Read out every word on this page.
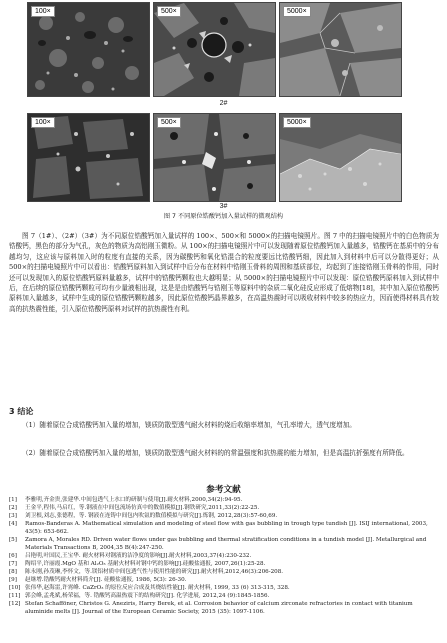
100×	500×	5000×
2#
100×	500×	5000×
3#
图 7 不同原位锆酸钙加入量试样的微观结构

图 7（1#）、（2#）（3#）为不同原位锆酸钙加入量试样的 100×、500×和 5000×的扫描电镜照片。图 7 中的扫描电镜照片中的白色物质为锆酸钙，黑色的部分为气孔，灰色的物质为高铝刚玉微粉。从 100×的扫描电镜照片中可以发现随着原位锆酸钙加入量越多，锆酸钙在基质中的分布越均匀，这应该与原料加入时的粒度有直接的关系，因为碳酸钙和氧化锆混合的粒度要远比锆酸钙细，因此加入到材料中后可以分散得更好；从 500×的扫描电镜照片中可以看出：锆酸钙原料加入到试样中后分布在材料中锆刚玉骨料的周围和基质部位，均起到了连接锆刚玉骨料的作用，同时还可以发现加入的原位锆酸钙原料量越多，试样中的锆酸钙颗粒也大越明显；从 5000×的扫描电镜照片中可以发现：原位锆酸钙原料加入到试样中后，在后续的原位锆酸钙颗粒可均有少量液相出现，这是是由锆酸钙与锆刚玉等原料中的杂质二氧化硅反应形成了低熔物[18]，其中加入原位锆酸钙原料加入量越多，试样中生成的原位锆酸钙颗粒越多，因此原位锆酸钙晶界越多，在高温热震时可以吸收材料中较多的热应力，因而使得材料具有较高的抗热震性能，引入原位锆酸钙原料对试样的抗热震性有利。

3 结论

（1）随着原位合成锆酸钙加入量的增加，镁质防散型透气耐火材料的烧后收缩率增加，气孔率增大，透气度增加。

（2）随着原位合成锆酸钙加入量的增加，镁质防散型透气耐火材料的的常温强度和抗热震的能力增加，但是高温抗折强度有所降低。

参考文献
[1]	李雅明,齐金贵,张建华.中间包透气上水口的研制与使用[J].耐火材料,2000,34(2):94-95.
[2]	王金平,程伟,马启红，等.钢液在中间包流场仿真中的数值模拟[J].钢铁研究,2011,33(2):22-25.
[3]	刘卫根,刘志,张德程，等. 钢液在连铸中间包内吹氩的数值模拟与研究[J].炼钢, 2012,28(3):57-60,69.
[4]	Ramos-Banderas A. Mathematical simulation and modeling of steel flow with gas bubbling in trough type tundish [J]. ISIJ international, 2003, 43(5): 653-662.
[5]	Zamora A, Morales RD. Driven water flows under gas bubbling and thermal stratification conditions in a tundish model [J]. Metallurgical and Materials Transactions B, 2004,35 B(4):247-250.
[6]	吕艳明,叶国民,王宝华. 耐火材料对钢液的洁净度的影响[J].耐火材料,2003,37(4):230-232.
[7]	陶绍平,许丽霞.MgO 基和 Al₂O₃ 基耐火材料对钢中钙的影响[J].硅酸盐通报, 2007,26(1):25-28.
[8]	陈永刚,孙茂琳,李怀文，等.镁铝材质中间包透气性与使用性能的研究[J].耐火材料,2012,46(3):206-208.
[9]	赵继增.锆酸钙耐火材料简介[J]. 硅酸盐通报, 1986, 5(3): 26-30.
[10] 张伟华,赵海雷,许霄峰. CaZrO₃ 的原位反应合成及其烧结性能[J]. 耐火材料, 1999, 33 (6) 313-315, 328.
[11] 郭会峰,孟兆斌,杨荣福，等. 锆酸钙高温热震下的结构研究[J]. 化学进展, 2012,24 (9):1845-1856.
[12] Stefan Schafföner, Christos G. Aneziris, Harry Berek, et al. Corrosion behavior of calcium zirconate refractories in contact with titanium aluminide melts [J]. Journal of the European Ceramic Society, 2015 (35): 1097-1106.
